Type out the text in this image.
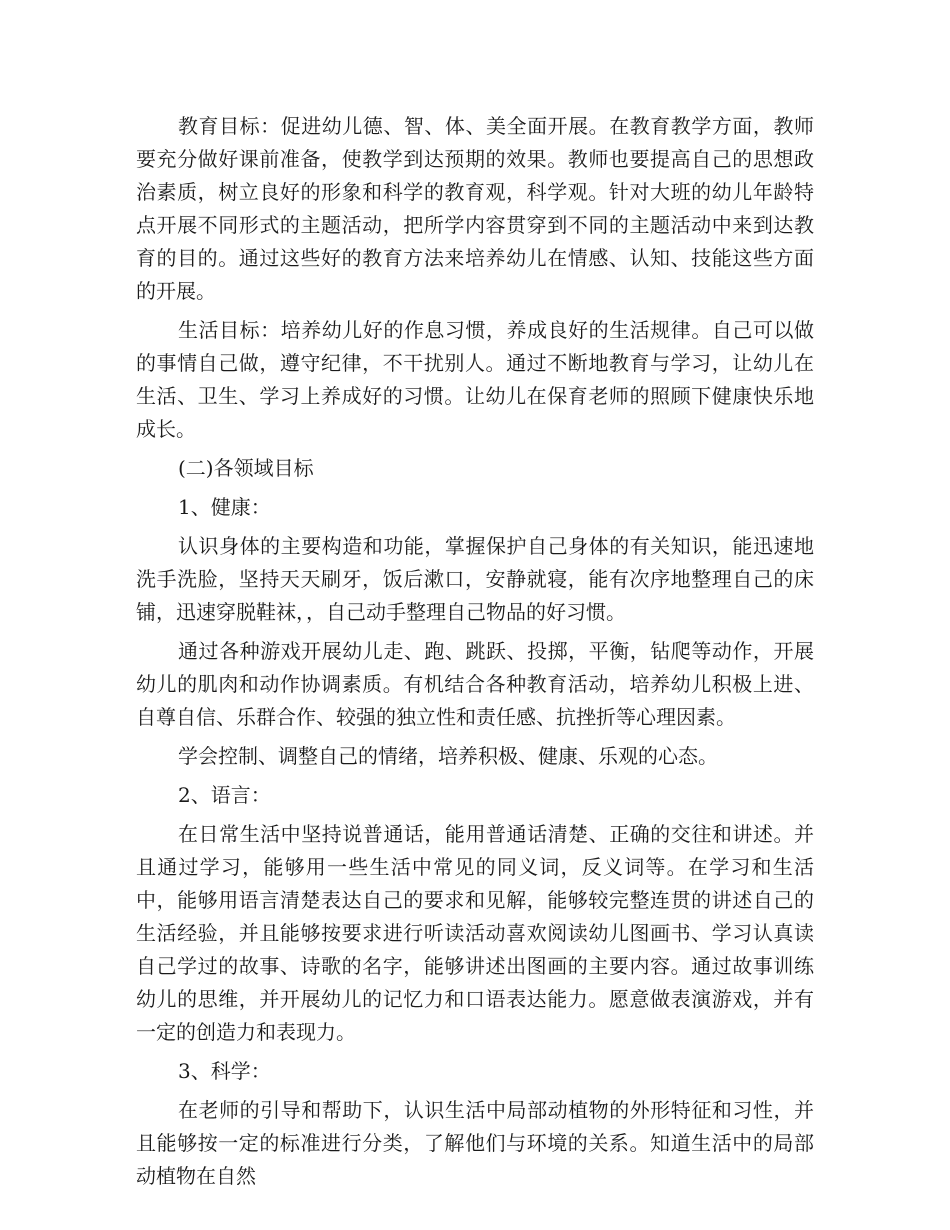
教育目标：促进幼儿德、智、体、美全面开展。在教育教学方面，教师要充分做好课前准备，使教学到达预期的效果。教师也要提高自己的思想政治素质，树立良好的形象和科学的教育观，科学观。针对大班的幼儿年龄特点开展不同形式的主题活动，把所学内容贯穿到不同的主题活动中来到达教育的目的。通过这些好的教育方法来培养幼儿在情感、认知、技能这些方面的开展。

生活目标：培养幼儿好的作息习惯，养成良好的生活规律。自己可以做的事情自己做，遵守纪律，不干扰别人。通过不断地教育与学习，让幼儿在生活、卫生、学习上养成好的习惯。让幼儿在保育老师的照顾下健康快乐地成长。

(二)各领域目标

1、健康：

认识身体的主要构造和功能，掌握保护自己身体的有关知识，能迅速地洗手洗脸，坚持天天刷牙，饭后漱口，安静就寝，能有次序地整理自己的床铺，迅速穿脱鞋袜，，自己动手整理自己物品的好习惯。

通过各种游戏开展幼儿走、跑、跳跃、投掷，平衡，钻爬等动作，开展幼儿的肌肉和动作协调素质。有机结合各种教育活动，培养幼儿积极上进、自尊自信、乐群合作、较强的独立性和责任感、抗挫折等心理因素。

学会控制、调整自己的情绪，培养积极、健康、乐观的心态。

2、语言：

在日常生活中坚持说普通话，能用普通话清楚、正确的交往和讲述。并且通过学习，能够用一些生活中常见的同义词，反义词等。在学习和生活中，能够用语言清楚表达自己的要求和见解，能够较完整连贯的讲述自己的生活经验，并且能够按要求进行听读活动喜欢阅读幼儿图画书、学习认真读自己学过的故事、诗歌的名字，能够讲述出图画的主要内容。通过故事训练幼儿的思维，并开展幼儿的记忆力和口语表达能力。愿意做表演游戏，并有一定的创造力和表现力。

3、科学：

在老师的引导和帮助下，认识生活中局部动植物的外形特征和习性，并且能够按一定的标准进行分类，了解他们与环境的关系。知道生活中的局部动植物在自然
